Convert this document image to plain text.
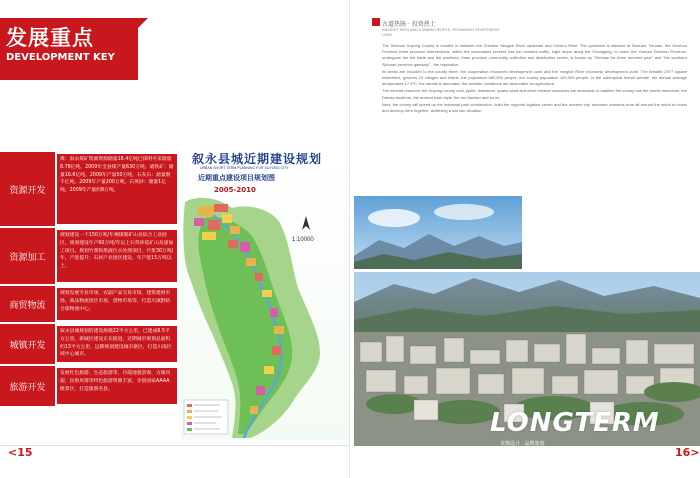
发展重点
DEVELOPMENT KEY
资源开发
煤：叙永煤矿资源资源储量16.4亿吨已探明可采储量8.78亿吨。2009年全县煤产量630万吨。硫铁矿：储量16.6亿吨。2009年产量50万吨。石灰石：储量数千亿吨。2009年产量200万吨。石英砂：储量1亿吨。2009年产量约8万吨。
资源加工
规划建设一个150万吨/年褐煤制矿山及综合工业园区。规划建设年产60万吨/年以上石英砂硅矿山及深加工项目。规划竹浆和黑液污水处理项目，竹浆30万吨/年，产能提升；石材产业园区建设，年产能15万吨以上。
商贸物流
规划发展专业市场、农副产品交易市场，建筑建材市场，商品物流园区市场，货物市场等，打造川滇黔结合部物流中心。
城镇开发
叙永县城规划的建设规模22平方公里，已建成8.5平方公里。新城区建设正在推进，近期城市规划总面积约13平方公里，远期规划建设城市新区，打造川南区域中心城市。
旅游开发
发展红色旅游、生态旅游等，丹霞地貌景观、古镇风貌、民俗风情等特色旅游资源丰富，争创国家AAAA级景区，打造旅游名县。
叙永县城近期建设规划
URBAN SHORT-TERM PLANNING FOR XUYONG CITY
近期重点建设项目规划图
2005-2010
1:10000
<15
古道热肠 · 投资热土
ANCIENT PATH AND A WARM PEOPLE, PROMISING INVESTMENT LAND

The Sichuan Xuyong County is located in between the Chinese Yangtze River upstream and Chishui River. The upstream is situated at Sichuan, Yunnan, the Guizhou Province three province intersections, within the boundaries present has ten minutes traffic, eight stops along the Chongqing, to reach the Yunnan Guizhou Province, undergone the the trade and fair practices, three province commodity collection and distribution center, is known by "Sichuan for three hundred year" and "the southern Sichuan province gateway" - the reputation.

Its areas are included to the county three, the cooperation resources development zone and the Yangtze River economic development zone. The breadth 2977 square kilometers, governs 15 villages and towns, the population 682,000 people, the county population 100,000 people. In the subtropical humid climate, the annual average temperature 17.9°C, the rainfall is abundant, the weather conditions are favourable for agriculture.

The mineral reserves: the Xuyong county coal, pyrite, limestone, quartz sand and other mineral resources are abundant; in addition the county has the tourist resources, the Danxia landform, the ancient town style, the red tourism and so on.

Next, the county will speed up the industrial park construction, build the regional logistics center and the modern city, welcome investors from all around the world to invest and develop here together, achieving a win-win situation.

LONGTERM
龙腾设计 · 品牌策划
16>
